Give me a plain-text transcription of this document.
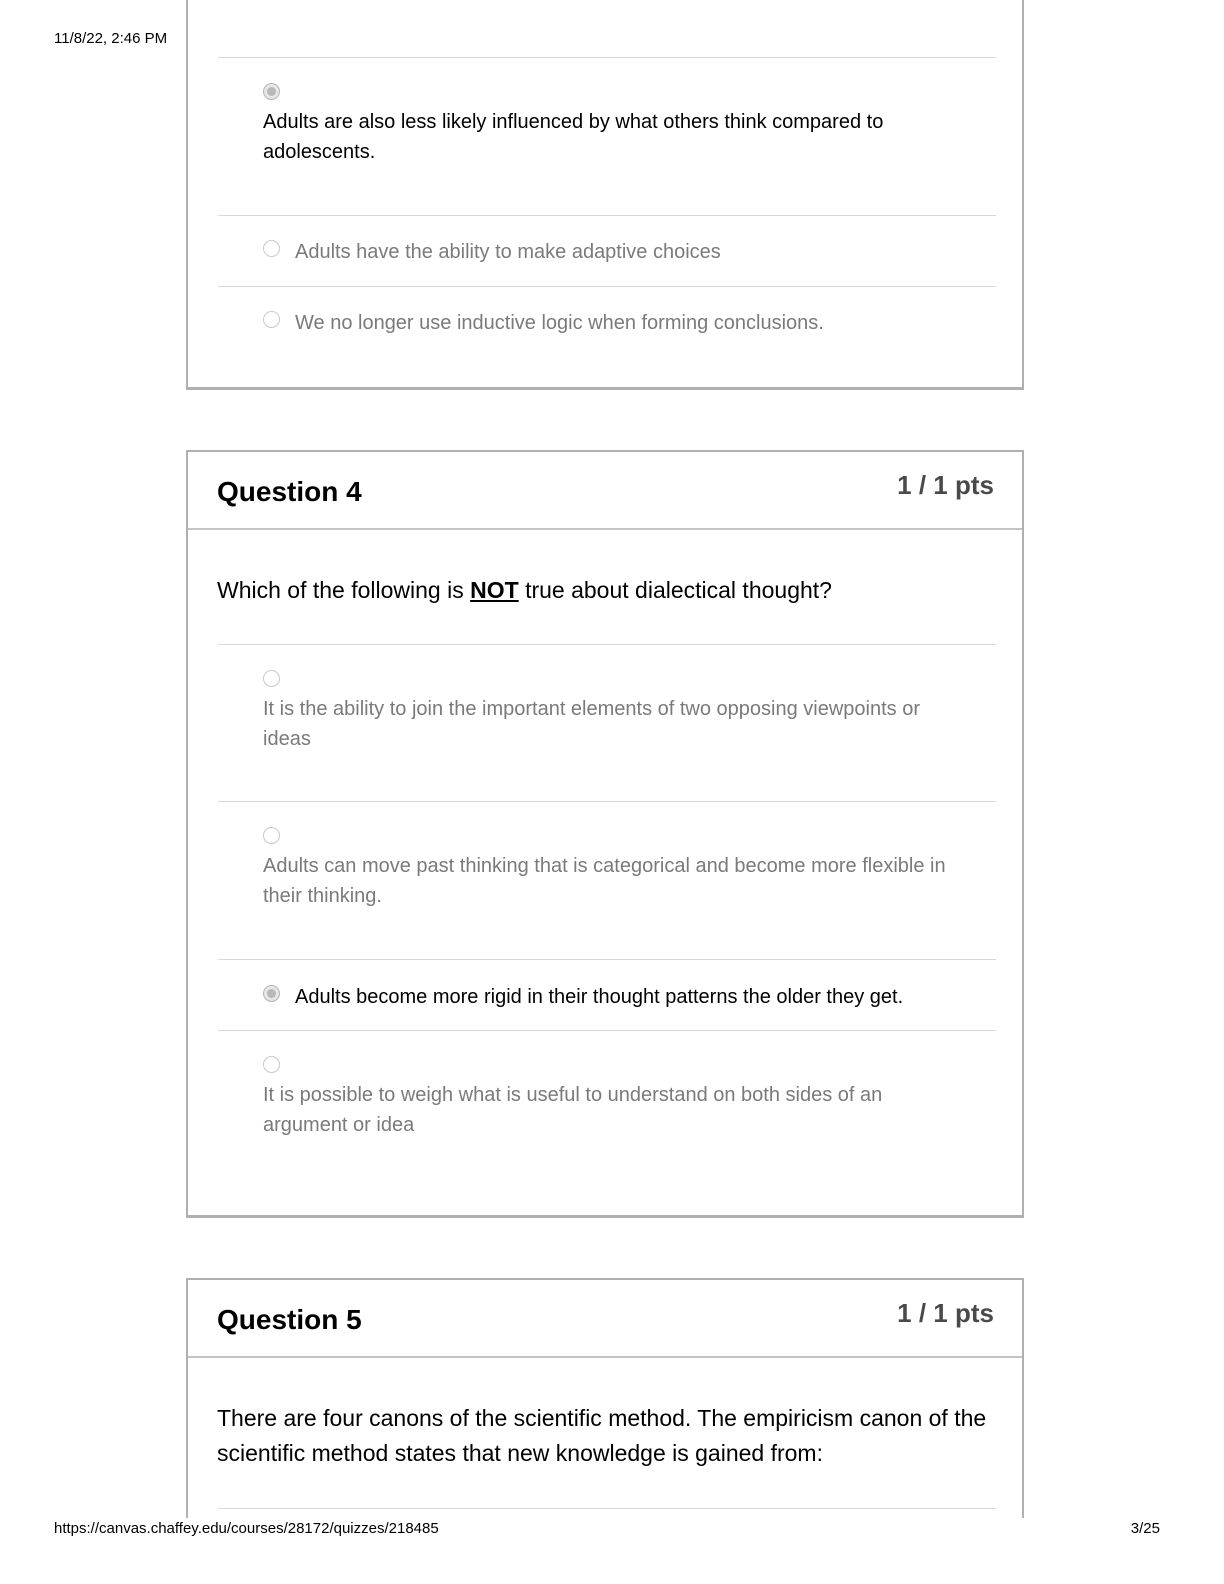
11/8/22, 2:46 PM
Adults are also less likely influenced by what others think compared to adolescents.
Adults have the ability to make adaptive choices
We no longer use inductive logic when forming conclusions.
Question 4	1 / 1 pts
Which of the following is NOT true about dialectical thought?
It is the ability to join the important elements of two opposing viewpoints or ideas
Adults can move past thinking that is categorical and become more flexible in their thinking.
Adults become more rigid in their thought patterns the older they get.
It is possible to weigh what is useful to understand on both sides of an argument or idea
Question 5	1 / 1 pts
There are four canons of the scientific method. The empiricism canon of the scientific method states that new knowledge is gained from:
https://canvas.chaffey.edu/courses/28172/quizzes/218485	3/25
